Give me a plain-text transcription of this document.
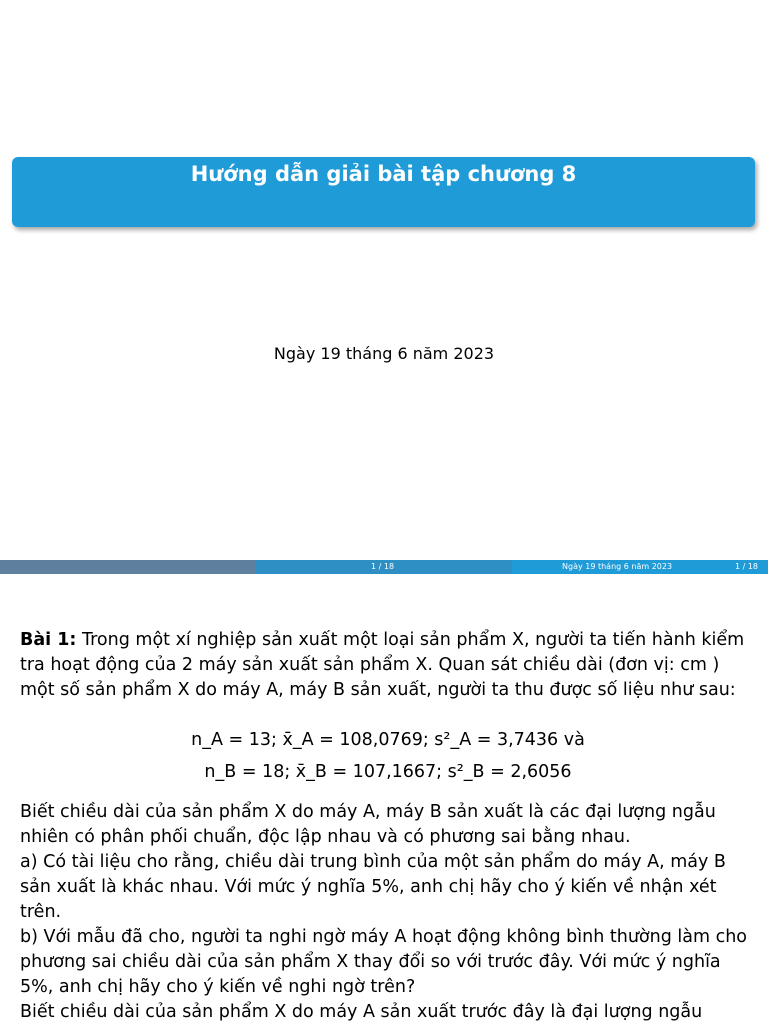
Hướng dẫn giải bài tập chương 8
Ngày 19 tháng 6 năm 2023
1 / 18	Ngày 19 tháng 6 năm 2023	1 / 18

Bài 1: Trong một xí nghiệp sản xuất một loại sản phẩm X, người ta tiến hành kiểm tra hoạt động của 2 máy sản xuất sản phẩm X. Quan sát chiều dài (đơn vị: cm ) một số sản phẩm X do máy A, máy B sản xuất, người ta thu được số liệu như sau:

n_A = 13; x̄_A = 108,0769; s²_A = 3,7436 và
n_B = 18; x̄_B = 107,1667; s²_B = 2,6056

Biết chiều dài của sản phẩm X do máy A, máy B sản xuất là các đại lượng ngẫu nhiên có phân phối chuẩn, độc lập nhau và có phương sai bằng nhau.

a) Có tài liệu cho rằng, chiều dài trung bình của một sản phẩm do máy A, máy B sản xuất là khác nhau. Với mức ý nghĩa 5%, anh chị hãy cho ý kiến về nhận xét trên.

b) Với mẫu đã cho, người ta nghi ngờ máy A hoạt động không bình thường làm cho phương sai chiều dài của sản phẩm X thay đổi so với trước đây. Với mức ý nghĩa 5%, anh chị hãy cho ý kiến về nghi ngờ trên?

Biết chiều dài của sản phẩm X do máy A sản xuất trước đây là đại lượng ngẫu
